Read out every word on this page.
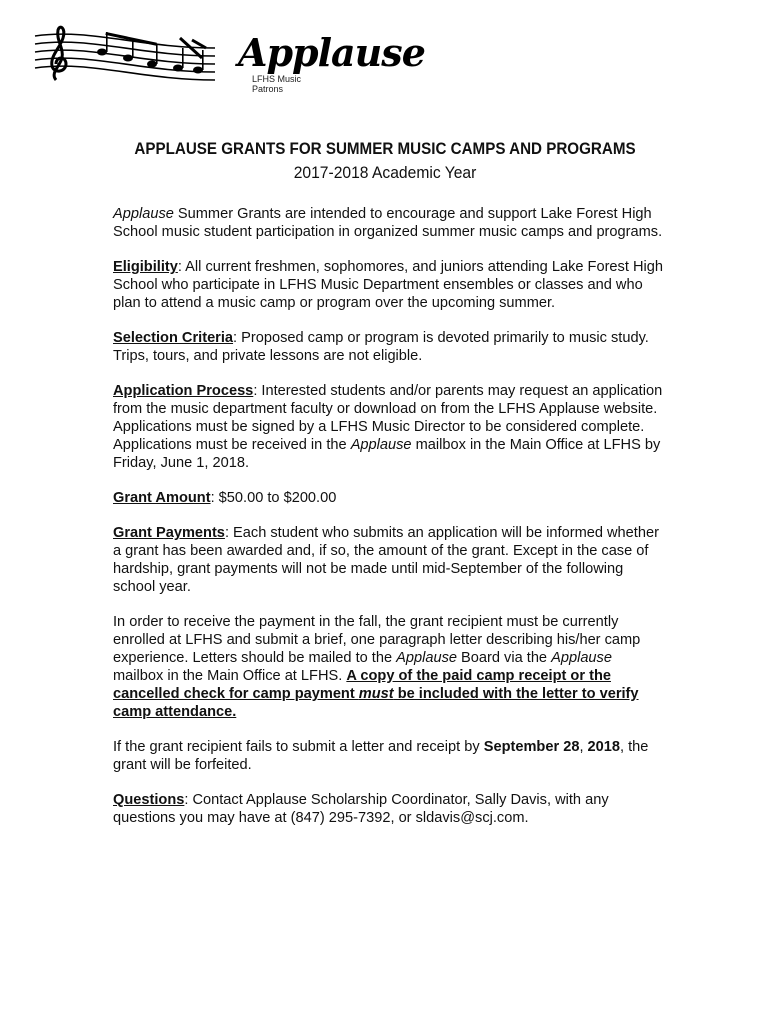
Applause
LFHS Music Patrons
APPLAUSE GRANTS FOR SUMMER MUSIC CAMPS AND PROGRAMS
2017-2018 Academic Year

Applause Summer Grants are intended to encourage and support Lake Forest High School music student participation in organized summer music camps and programs.

Eligibility: All current freshmen, sophomores, and juniors attending Lake Forest High School who participate in LFHS Music Department ensembles or classes and who plan to attend a music camp or program over the upcoming summer.

Selection Criteria: Proposed camp or program is devoted primarily to music study. Trips, tours, and private lessons are not eligible.

Application Process: Interested students and/or parents may request an application from the music department faculty or download on from the LFHS Applause website. Applications must be signed by a LFHS Music Director to be considered complete. Applications must be received in the Applause mailbox in the Main Office at LFHS by Friday, June 1, 2018.

Grant Amount: $50.00 to $200.00

Grant Payments: Each student who submits an application will be informed whether a grant has been awarded and, if so, the amount of the grant. Except in the case of hardship, grant payments will not be made until mid-September of the following school year.

In order to receive the payment in the fall, the grant recipient must be currently enrolled at LFHS and submit a brief, one paragraph letter describing his/her camp experience. Letters should be mailed to the Applause Board via the Applause mailbox in the Main Office at LFHS. A copy of the paid camp receipt or the cancelled check for camp payment must be included with the letter to verify camp attendance.

If the grant recipient fails to submit a letter and receipt by September 28, 2018, the grant will be forfeited.

Questions: Contact Applause Scholarship Coordinator, Sally Davis, with any questions you may have at (847) 295-7392, or sldavis@scj.com.
